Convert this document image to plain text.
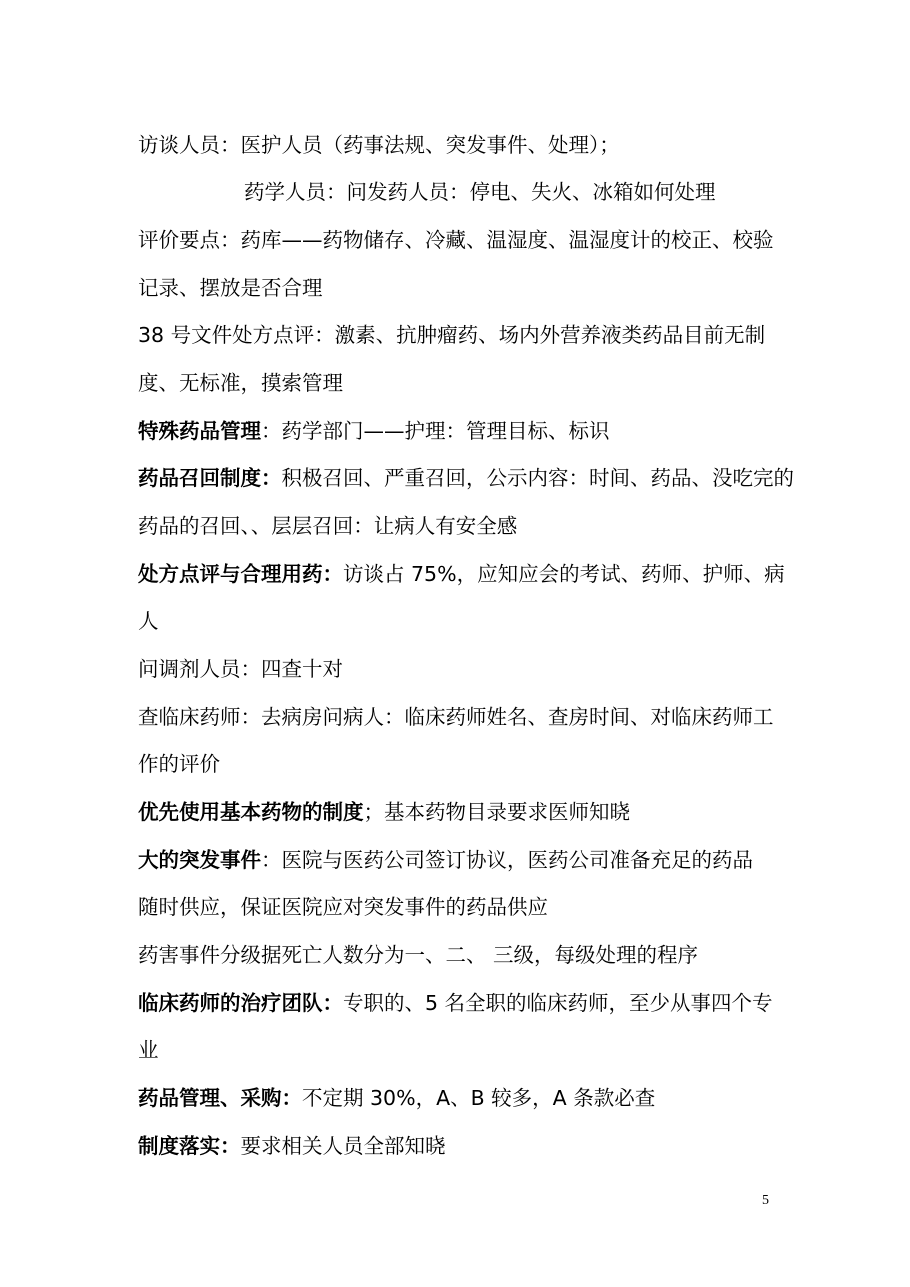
访谈人员：医护人员（药事法规、突发事件、处理）；
药学人员：问发药人员：停电、失火、冰箱如何处理
评价要点：药库——药物储存、冷藏、温湿度、温湿度计的校正、校验
记录、摆放是否合理
38 号文件处方点评：激素、抗肿瘤药、场内外营养液类药品目前无制
度、无标准，摸索管理
特殊药品管理：药学部门——护理：管理目标、标识
药品召回制度：积极召回、严重召回，公示内容：时间、药品、没吃完的
药品的召回、、层层召回：让病人有安全感
处方点评与合理用药：访谈占 75%，应知应会的考试、药师、护师、病
人
问调剂人员：四查十对
查临床药师：去病房问病人：临床药师姓名、查房时间、对临床药师工
作的评价
优先使用基本药物的制度；基本药物目录要求医师知晓
大的突发事件：医院与医药公司签订协议，医药公司准备充足的药品
随时供应，保证医院应对突发事件的药品供应
药害事件分级据死亡人数分为一、二、 三级，每级处理的程序
临床药师的治疗团队：专职的、5 名全职的临床药师，至少从事四个专
业
药品管理、采购：不定期 30%，A、B 较多，A 条款必查
制度落实：要求相关人员全部知晓
5
